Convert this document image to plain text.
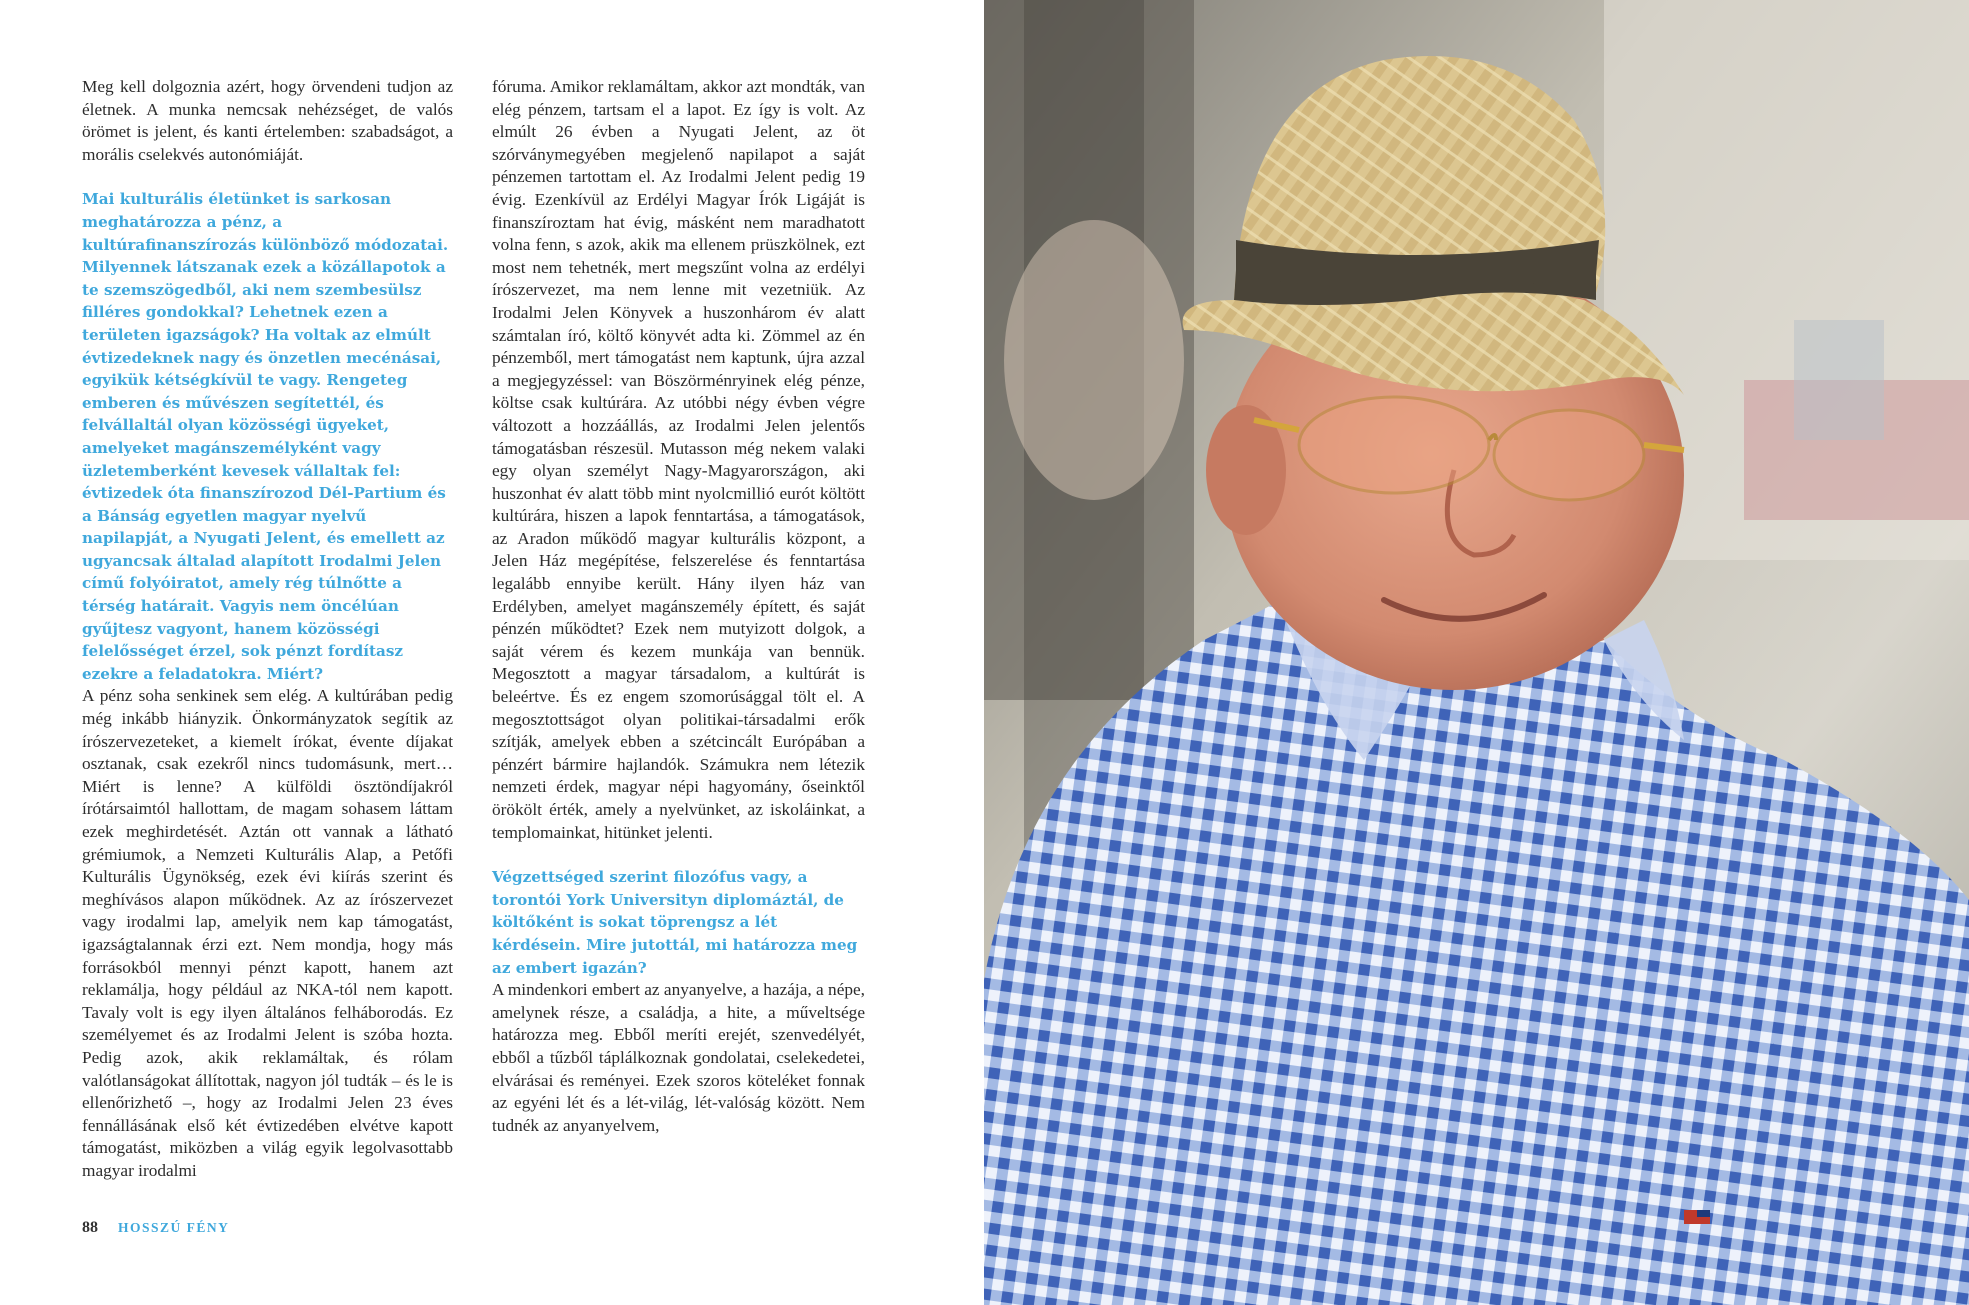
Meg kell dolgoznia azért, hogy örvendeni tudjon az életnek. A munka nemcsak nehézséget, de valós örömet is jelent, és kanti értelemben: szabadságot, a morális cselekvés autonómiáját.

Mai kulturális életünket is sarkosan meghatározza a pénz, a kultúrafinanszírozás különböző módozatai. Milyennek látszanak ezek a közállapotok a te szemszögedből, aki nem szembesülsz filléres gondokkal? Lehetnek ezen a területen igazságok? Ha voltak az elmúlt évtizedeknek nagy és önzetlen mecénásai, egyikük kétségkívül te vagy. Rengeteg emberen és művészen segítettél, és felvállaltál olyan közösségi ügyeket, amelyeket magánszemélyként vagy üzletemberként kevesek vállaltak fel: évtizedek óta finanszírozod Dél-Partium és a Bánság egyetlen magyar nyelvű napilapját, a Nyugati Jelent, és emellett az ugyancsak általad alapított Irodalmi Jelen című folyóiratot, amely rég túlnőtte a térség határait. Vagyis nem öncélúan gyűjtesz vagyont, hanem közösségi felelősséget érzel, sok pénzt fordítasz ezekre a feladatokra. Miért?

A pénz soha senkinek sem elég. A kultúrában pedig még inkább hiányzik. Önkormányzatok segítik az írószervezeteket, a kiemelt írókat, évente díjakat osztanak, csak ezekről nincs tudomásunk, mert… Miért is lenne? A külföldi ösztöndíjakról írótársaimtól hallottam, de magam sohasem láttam ezek meghirdetését. Aztán ott vannak a látható grémiumok, a Nemzeti Kulturális Alap, a Petőfi Kulturális Ügynökség, ezek évi kiírás szerint és meghívásos alapon működnek. Az az írószervezet vagy irodalmi lap, amelyik nem kap támogatást, igazságtalannak érzi ezt. Nem mondja, hogy más forrásokból mennyi pénzt kapott, hanem azt reklamálja, hogy például az NKA-tól nem kapott. Tavaly volt is egy ilyen általános felháborodás. Ez személyemet és az Irodalmi Jelent is szóba hozta. Pedig azok, akik reklamáltak, és rólam valótlanságokat állítottak, nagyon jól tudták – és le is ellenőrizhető –, hogy az Irodalmi Jelen 23 éves fennállásának első két évtizedében elvétve kapott támogatást, miközben a világ egyik legolvasottabb magyar irodalmi

fóruma. Amikor reklamáltam, akkor azt mondták, van elég pénzem, tartsam el a lapot. Ez így is volt. Az elmúlt 26 évben a Nyugati Jelent, az öt szórványmegyében megjelenő napilapot a saját pénzemen tartottam el. Az Irodalmi Jelent pedig 19 évig. Ezenkívül az Erdélyi Magyar Írók Ligáját is finanszíroztam hat évig, másként nem maradhatott volna fenn, s azok, akik ma ellenem prüszkölnek, ezt most nem tehetnék, mert megszűnt volna az erdélyi írószervezet, ma nem lenne mit vezetniük. Az Irodalmi Jelen Könyvek a huszonhárom év alatt számtalan író, költő könyvét adta ki. Zömmel az én pénzemből, mert támogatást nem kaptunk, újra azzal a megjegyzéssel: van Böszörménryinek elég pénze, költse csak kultúrára. Az utóbbi négy évben végre változott a hozzáállás, az Irodalmi Jelen jelentős támogatásban részesül. Mutasson még nekem valaki egy olyan személyt Nagy-Magyarországon, aki huszonhat év alatt több mint nyolcmillió eurót költött kultúrára, hiszen a lapok fenntartása, a támogatások, az Aradon működő magyar kulturális központ, a Jelen Ház megépítése, felszerelése és fenntartása legalább ennyibe került. Hány ilyen ház van Erdélyben, amelyet magánszemély épített, és saját pénzén működtet? Ezek nem mutyizott dolgok, a saját vérem és kezem munkája van bennük. Megosztott a magyar társadalom, a kultúrát is beleértve. És ez engem szomorúsággal tölt el. A megosztottságot olyan politikai-társadalmi erők szítják, amelyek ebben a szétcincált Európában a pénzért bármire hajlandók. Számukra nem létezik nemzeti érdek, magyar népi hagyomány, őseinktől örökölt érték, amely a nyelvünket, az iskoláinkat, a templomainkat, hitünket jelenti.

Végzettséged szerint filozófus vagy, a torontói York Universityn diplomáztál, de költőként is sokat töprengsz a lét kérdésein. Mire jutottál, mi határozza meg az embert igazán?

A mindenkori embert az anyanyelve, a hazája, a népe, amelynek része, a családja, a hite, a műveltsége határozza meg. Ebből meríti erejét, szenvedélyét, ebből a tűzből táplálkoznak gondolatai, cselekedetei, elvárásai és reményei. Ezek szoros köteléket fonnak az egyéni lét és a lét-világ, lét-valóság között. Nem tudnék az anyanyelvem,

88 HOSSZÚ FÉNY
